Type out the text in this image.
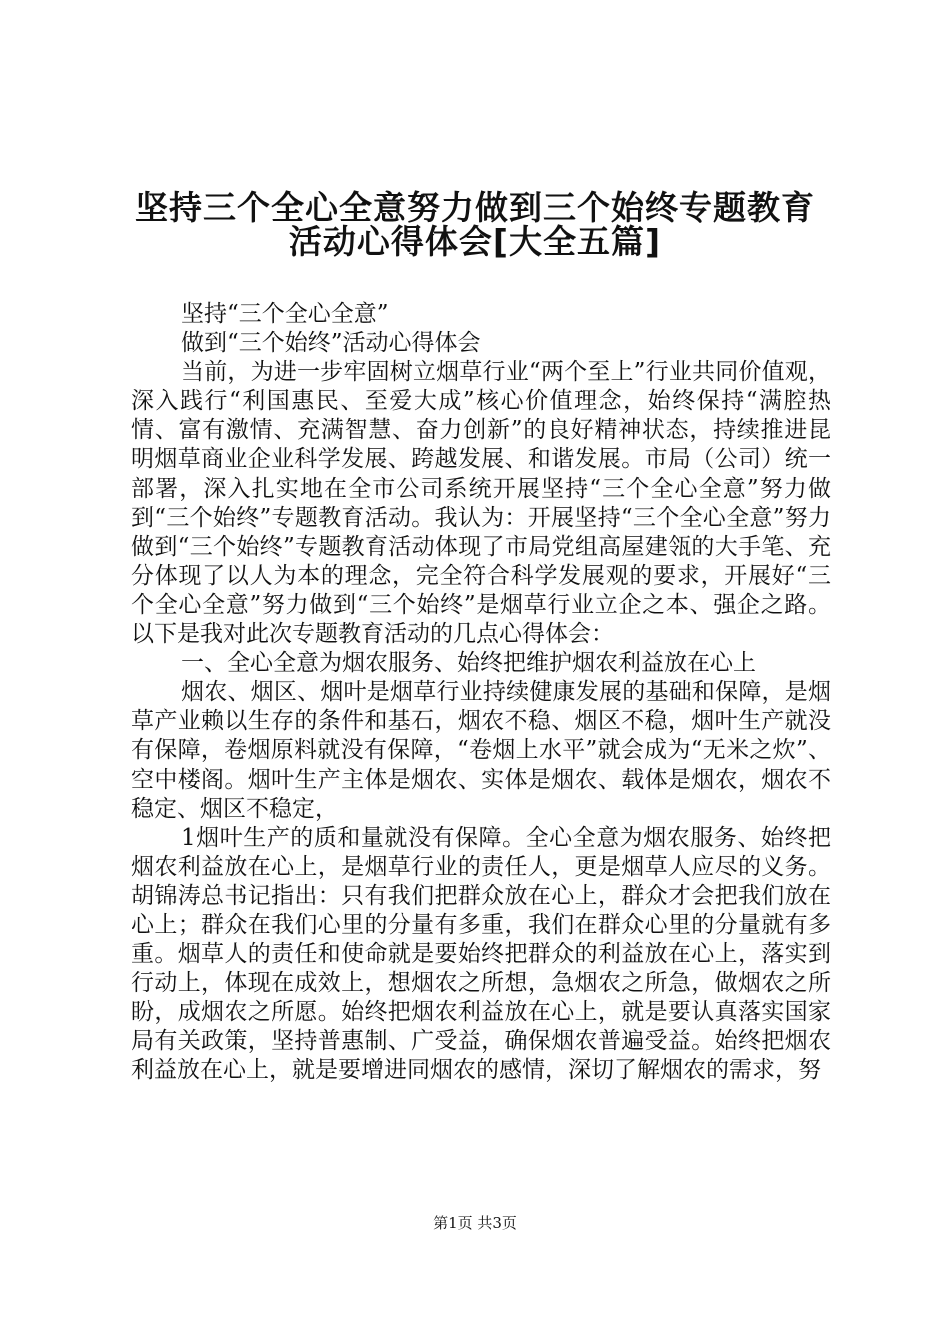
坚持三个全心全意努力做到三个始终专题教育
活动心得体会[大全五篇]

坚持“三个全心全意”

做到“三个始终”活动心得体会

当前，为进一步牢固树立烟草行业“两个至上”行业共同价值观，深入践行“利国惠民、至爱大成”核心价值理念，始终保持“满腔热情、富有激情、充满智慧、奋力创新”的良好精神状态，持续推进昆明烟草商业企业科学发展、跨越发展、和谐发展。市局（公司）统一部署，深入扎实地在全市公司系统开展坚持“三个全心全意”努力做到“三个始终”专题教育活动。我认为：开展坚持“三个全心全意”努力做到“三个始终”专题教育活动体现了市局党组高屋建瓴的大手笔、充分体现了以人为本的理念，完全符合科学发展观的要求，开展好“三个全心全意”努力做到“三个始终”是烟草行业立企之本、强企之路。以下是我对此次专题教育活动的几点心得体会：

一、全心全意为烟农服务、始终把维护烟农利益放在心上

烟农、烟区、烟叶是烟草行业持续健康发展的基础和保障，是烟草产业赖以生存的条件和基石，烟农不稳、烟区不稳，烟叶生产就没有保障，卷烟原料就没有保障，“卷烟上水平”就会成为“无米之炊”、空中楼阁。烟叶生产主体是烟农、实体是烟农、载体是烟农，烟农不稳定、烟区不稳定，

1烟叶生产的质和量就没有保障。全心全意为烟农服务、始终把烟农利益放在心上，是烟草行业的责任人，更是烟草人应尽的义务。胡锦涛总书记指出：只有我们把群众放在心上，群众才会把我们放在心上；群众在我们心里的分量有多重，我们在群众心里的分量就有多重。烟草人的责任和使命就是要始终把群众的利益放在心上，落实到行动上，体现在成效上，想烟农之所想，急烟农之所急，做烟农之所盼，成烟农之所愿。始终把烟农利益放在心上，就是要认真落实国家局有关政策，坚持普惠制、广受益，确保烟农普遍受益。始终把烟农利益放在心上，就是要增进同烟农的感情，深切了解烟农的需求，努

第1页 共3页
